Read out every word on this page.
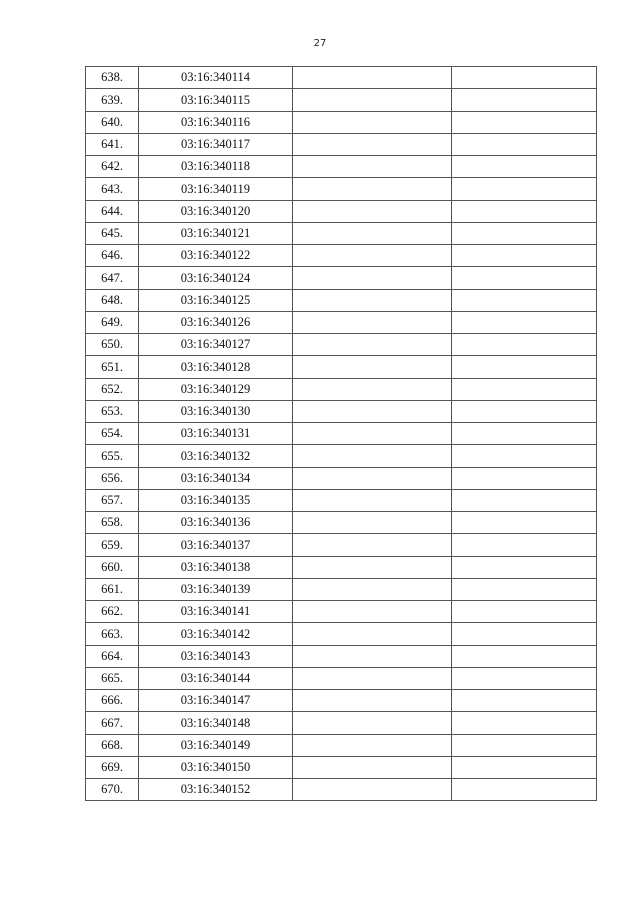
27
638.	03:16:340114		
639.	03:16:340115		
640.	03:16:340116		
641.	03:16:340117		
642.	03:16:340118		
643.	03:16:340119		
644.	03:16:340120		
645.	03:16:340121		
646.	03:16:340122		
647.	03:16:340124		
648.	03:16:340125		
649.	03:16:340126		
650.	03:16:340127		
651.	03:16:340128		
652.	03:16:340129		
653.	03:16:340130		
654.	03:16:340131		
655.	03:16:340132		
656.	03:16:340134		
657.	03:16:340135		
658.	03:16:340136		
659.	03:16:340137		
660.	03:16:340138		
661.	03:16:340139		
662.	03:16:340141		
663.	03:16:340142		
664.	03:16:340143		
665.	03:16:340144		
666.	03:16:340147		
667.	03:16:340148		
668.	03:16:340149		
669.	03:16:340150		
670.	03:16:340152		
